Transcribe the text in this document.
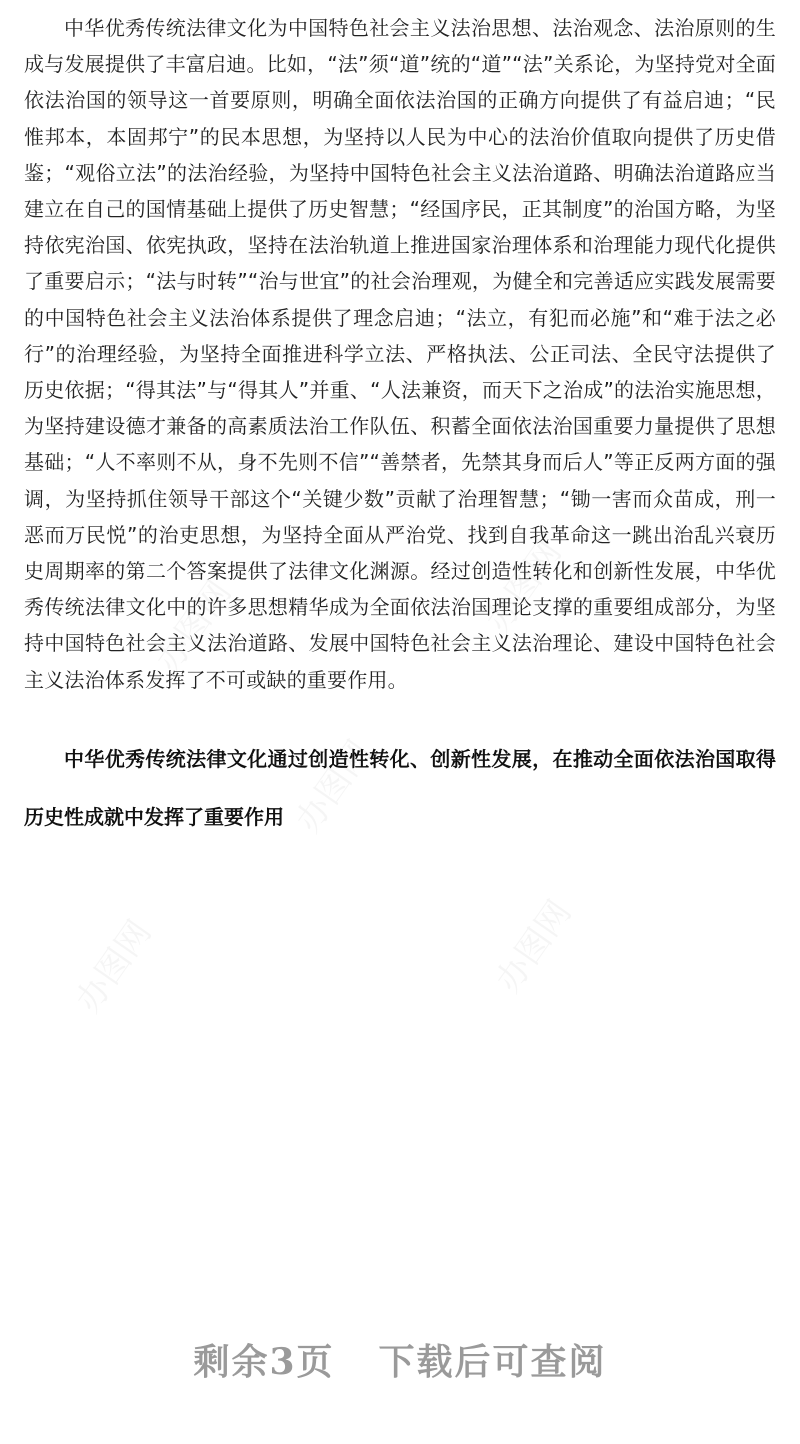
办图网	办图网
办图网
办图网	办图网

中华优秀传统法律文化为中国特色社会主义法治思想、法治观念、法治原则的生成与发展提供了丰富启迪。比如，“法”须“道”统的“道”“法”关系论，为坚持党对全面依法治国的领导这一首要原则，明确全面依法治国的正确方向提供了有益启迪；“民惟邦本，本固邦宁”的民本思想，为坚持以人民为中心的法治价值取向提供了历史借鉴；“观俗立法”的法治经验，为坚持中国特色社会主义法治道路、明确法治道路应当建立在自己的国情基础上提供了历史智慧；“经国序民，正其制度”的治国方略，为坚持依宪治国、依宪执政，坚持在法治轨道上推进国家治理体系和治理能力现代化提供了重要启示；“法与时转”“治与世宜”的社会治理观，为健全和完善适应实践发展需要的中国特色社会主义法治体系提供了理念启迪；“法立，有犯而必施”和“难于法之必行”的治理经验，为坚持全面推进科学立法、严格执法、公正司法、全民守法提供了历史依据；“得其法”与“得其人”并重、“人法兼资，而天下之治成”的法治实施思想，为坚持建设德才兼备的高素质法治工作队伍、积蓄全面依法治国重要力量提供了思想基础；“人不率则不从，身不先则不信”“善禁者，先禁其身而后人”等正反两方面的强调，为坚持抓住领导干部这个“关键少数”贡献了治理智慧；“锄一害而众苗成，刑一恶而万民悦”的治吏思想，为坚持全面从严治党、找到自我革命这一跳出治乱兴衰历史周期率的第二个答案提供了法律文化渊源。经过创造性转化和创新性发展，中华优秀传统法律文化中的许多思想精华成为全面依法治国理论支撑的重要组成部分，为坚持中国特色社会主义法治道路、发展中国特色社会主义法治理论、建设中国特色社会主义法治体系发挥了不可或缺的重要作用。

中华优秀传统法律文化通过创造性转化、创新性发展，在推动全面依法治国取得历史性成就中发挥了重要作用

剩余3页 下载后可查阅
